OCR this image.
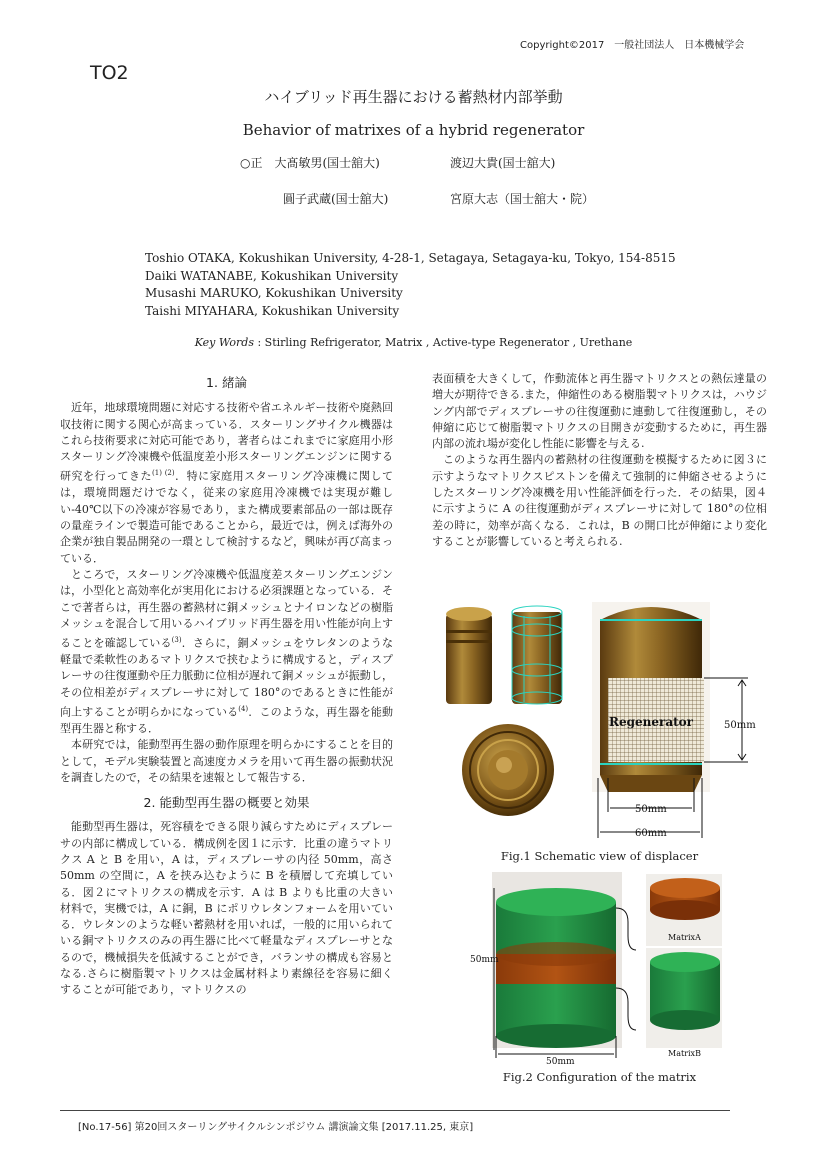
Copyright©2017　一般社団法人　日本機械学会
TO2
ハイブリッド再生器における蓄熱材内部挙動
Behavior of matrixes of a hybrid regenerator
○正　大髙敏男(国士舘大)	渡辺大貴(国士舘大)
圓子武蔵(国士舘大)	宮原大志（国士舘大・院）
Toshio OTAKA, Kokushikan University, 4-28-1, Setagaya, Setagaya-ku, Tokyo, 154-8515
Daiki WATANABE, Kokushikan University
Musashi MARUKO, Kokushikan University
Taishi MIYAHARA, Kokushikan University
Key Words : Stirling Refrigerator, Matrix , Active-type Regenerator , Urethane
1. 緒論

近年，地球環境問題に対応する技術や省エネルギー技術や廃熱回収技術に関する関心が高まっている．スターリングサイクル機器はこれら技術要求に対応可能であり，著者らはこれまでに家庭用小形スターリング冷凍機や低温度差小形スターリングエンジンに関する研究を行ってきた$^{(1) (2)}$．特に家庭用スターリング冷凍機に関しては，環境問題だけでなく，従来の家庭用冷凍機では実現が難しい-40℃以下の冷凍が容易であり，また構成要素部品の一部は既存の量産ラインで製造可能であることから，最近では，例えば海外の企業が独自製品開発の一環として検討するなど，興味が再び高まっている．

ところで，スターリング冷凍機や低温度差スターリングエンジンは，小型化と高効率化が実用化における必須課題となっている．そこで著者らは，再生器の蓄熱材に銅メッシュとナイロンなどの樹脂メッシュを混合して用いるハイブリッド再生器を用い性能が向上することを確認している$^{(3)}$．さらに，銅メッシュをウレタンのような軽量で柔軟性のあるマトリクスで挟むように構成すると，ディスプレーサの往復運動や圧力脈動に位相が遅れて銅メッシュが振動し，その位相差がディスプレーサに対して 180°のであるときに性能が向上することが明らかになっている$^{(4)}$．このような，再生器を能動型再生器と称する．

本研究では，能動型再生器の動作原理を明らかにすることを目的として，モデル実験装置と高速度カメラを用いて再生器の振動状況を調査したので，その結果を速報として報告する．

2. 能動型再生器の概要と効果

能動型再生器は，死容積をできる限り減らすためにディスプレーサの内部に構成している．構成例を図１に示す．比重の違うマトリクス A と B を用い，A は，ディスプレーサの内径 50mm，高さ 50mm の空間に，A を挟み込むように B を積層して充填している．図２にマトリクスの構成を示す．A は B よりも比重の大きい材料で，実機では，A に銅，B にポリウレタンフォームを用いている．ウレタンのような軽い蓄熱材を用いれば，一般的に用いられている銅マトリクスのみの再生器に比べて軽量なディスプレーサとなるので，機械損失を低減することができ，バランサの構成も容易となる.さらに樹脂製マトリクスは金属材料より素線径を容易に細くすることが可能であり，マトリクスの

表面積を大きくして，作動流体と再生器マトリクスとの熱伝達量の増大が期待できる.また，伸縮性のある樹脂製マトリクスは，ハウジング内部でディスプレーサの往復運動に連動して往復運動し，その伸縮に応じて樹脂製マトリクスの目開きが変動するために，再生器内部の流れ場が変化し性能に影響を与える.

このような再生器内の蓄熱材の往復運動を模擬するために図３に示すようなマトリクスピストンを備えて強制的に伸縮させるようにしたスターリング冷凍機を用い性能評価を行った．その結果，図４に示すように A の往復運動がディスプレーサに対して 180°の位相差の時に，効率が高くなる．これは，B の開口比が伸縮により変化することが影響していると考えられる.

Regenerator	50mm
50mm
60mm
Fig.1 Schematic view of displacer
50mm
50mm
MatrixA
MatrixB
Fig.2 Configuration of the matrix
[No.17-56] 第20回スターリングサイクルシンポジウム 講演論文集 [2017.11.25, 東京]
